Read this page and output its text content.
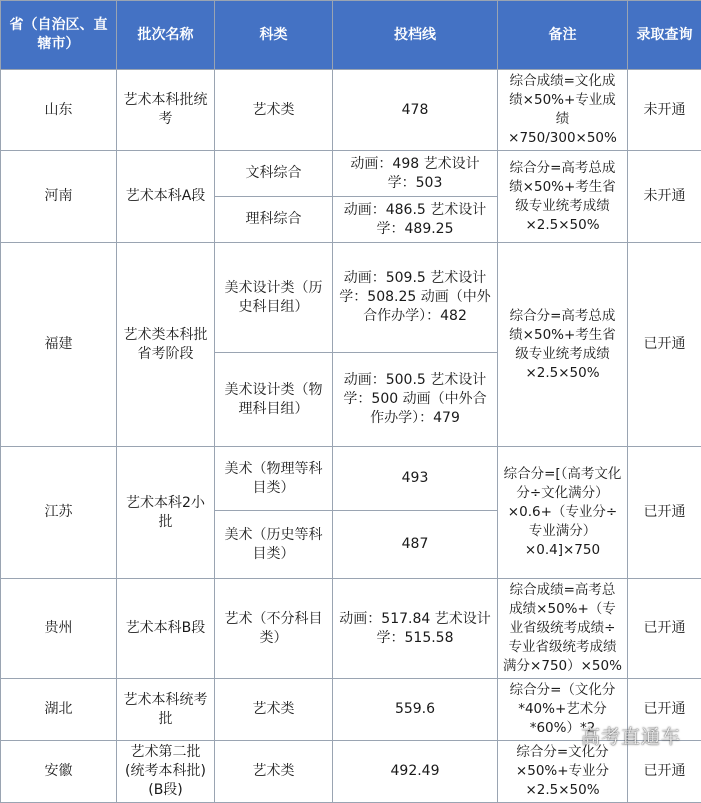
省（自治区、直辖市）	批次名称	科类	投档线	备注	录取查询
山东	艺术本科批统考	艺术类	478	综合成绩=文化成绩×50%+专业成绩×750/300×50%	未开通
河南	艺术本科A段	文科综合	动画：498 艺术设计学：503	综合分=高考总成绩×50%+考生省级专业统考成绩×2.5×50%	未开通
		理科综合	动画：486.5 艺术设计学：489.25		
福建	艺术类本科批省考阶段	美术设计类（历史科目组）	动画：509.5 艺术设计学：508.25 动画（中外合作办学）：482	综合分=高考总成绩×50%+考生省级专业统考成绩×2.5×50%	已开通
		美术设计类（物理科目组）	动画：500.5 艺术设计学：500 动画（中外合作办学）：479		
江苏	艺术本科2小批	美术（物理等科目类）	493	综合分=[（高考文化分÷文化满分）×0.6+（专业分÷专业满分）×0.4]×750	已开通
		美术（历史等科目类）	487		
贵州	艺术本科B段	艺术（不分科目类）	动画：517.84 艺术设计学：515.58	综合成绩=高考总成绩×50%+（专业省级统考成绩÷专业省级统考成绩满分×750）×50%	已开通
湖北	艺术本科统考批	艺术类	559.6	综合分=（文化分*40%+艺术分*60%）*2	已开通
安徽	艺术第二批(统考本科批)(B段)	艺术类	492.49	综合分=文化分×50%+专业分×2.5×50%	已开通
高考直通车
